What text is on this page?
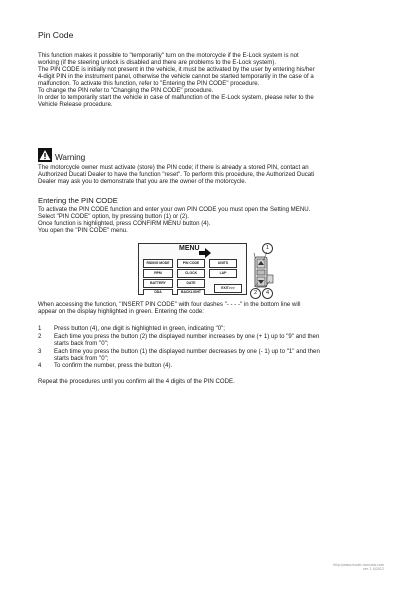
Pin Code
This function makes it possible to "temporarily" turn on the motorcycle if the E-Lock system is not
working (if the steering unlock is disabled and there are problems to the E-Lock system).
The PIN CODE is initially not present in the vehicle, it must be activated by the user by entering his/her
4-digit PIN in the instrument panel, otherwise the vehicle cannot be started temporarily in the case of a
malfunction. To activate this function, refer to "Entering the PIN CODE" procedure.
To change the PIN refer to "Changing the PIN CODE" procedure.
In order to temporarily start the vehicle in case of malfunction of the E-Lock system, please refer to the
Vehicle Release procedure.
Warning
The motorcycle owner must activate (store) the PIN code; if there is already a stored PIN, contact an
Authorized Ducati Dealer to have the function "reset". To perform this procedure, the Authorized Ducati
Dealer may ask you to demonstrate that you are the owner of the motorcycle.
Entering the PIN CODE
To activate the PIN CODE function and enter your own PIN CODE you must open the Setting MENU.
Select "PIN CODE" option, by pressing button (1) or (2).
Once function is highlighted, press CONFIRM MENU button (4).
You open the "PIN CODE" menu.
MENU
RIDING MODE	PIN CODE	UNITS
RPM	CLOCK	LAP
BATTERY	DATE
DDA	BACKLIGHT
EXIT>>>
1
2	4
When accessing the function, "INSERT PIN CODE" with four dashes "- - - -" in the bottom line will
appear on the display highlighted in green. Entering the code:
1	Press button (4), one digit is highlighted in green, indicating "0";
2	Each time you press the button (2) the displayed number increases by one (+ 1) up to "9" and then
starts back from "0";
3	Each time you press the button (1) the displayed number decreases by one (- 1) up to "1" and then
starts back from "0";
4	To confirm the number, press the button (4).
Repeat the procedures until you confirm all the 4 digits of the PIN CODE.
http://www.ducati-manuals.com
ver. 1.0/2012
